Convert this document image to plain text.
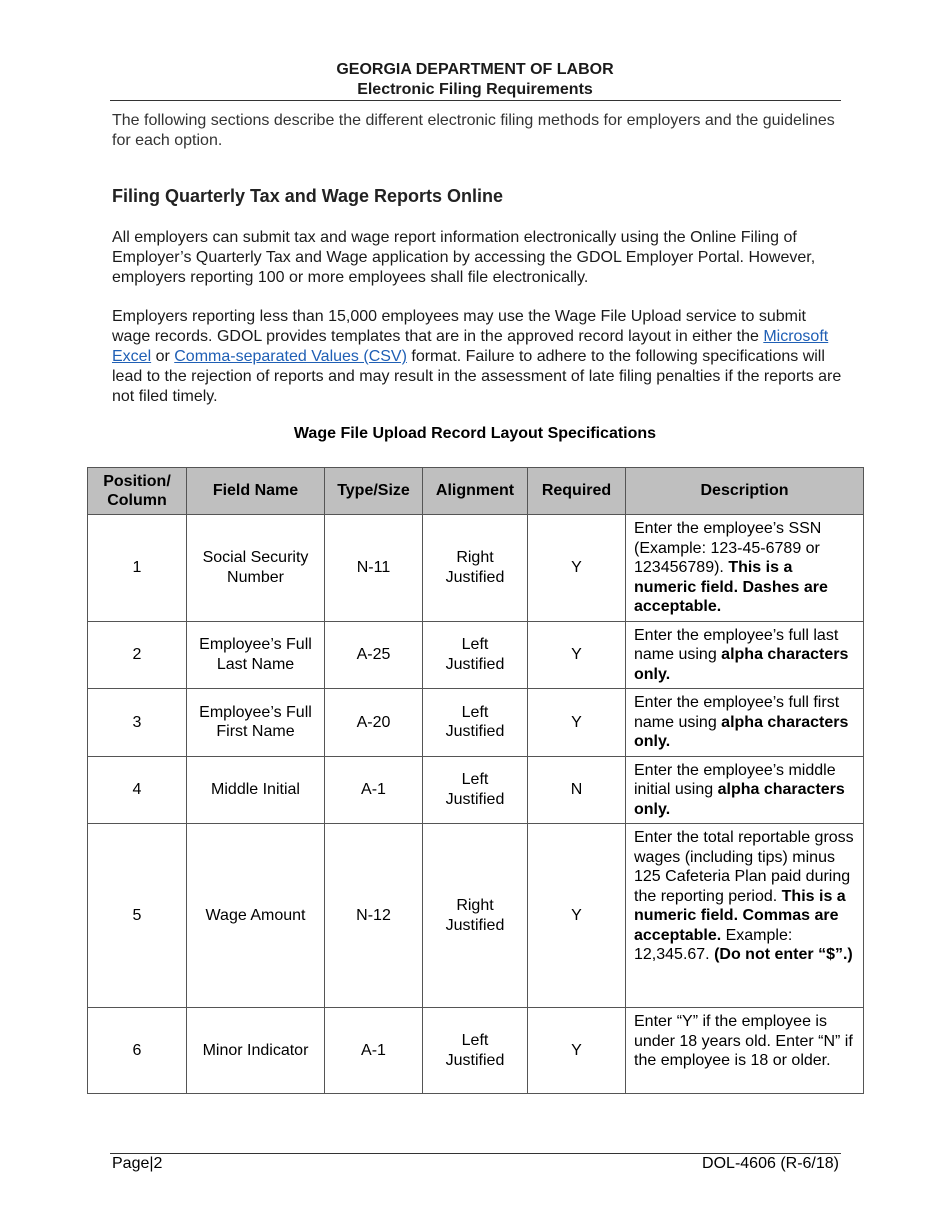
GEORGIA DEPARTMENT OF LABOR
Electronic Filing Requirements
The following sections describe the different electronic filing methods for employers and the guidelines for each option.
Filing Quarterly Tax and Wage Reports Online
All employers can submit tax and wage report information electronically using the Online Filing of Employer’s Quarterly Tax and Wage application by accessing the GDOL Employer Portal. However, employers reporting 100 or more employees shall file electronically.
Employers reporting less than 15,000 employees may use the Wage File Upload service to submit wage records. GDOL provides templates that are in the approved record layout in either the Microsoft Excel or Comma-separated Values (CSV) format. Failure to adhere to the following specifications will lead to the rejection of reports and may result in the assessment of late filing penalties if the reports are not filed timely.
Wage File Upload Record Layout Specifications
Position/ Column	Field Name	Type/Size	Alignment	Required	Description
1	Social Security Number	N-11	Right Justified	Y	Enter the employee’s SSN (Example: 123-45-6789 or 123456789). This is a numeric field. Dashes are acceptable.
2	Employee’s Full Last Name	A-25	Left Justified	Y	Enter the employee’s full last name using alpha characters only.
3	Employee’s Full First Name	A-20	Left Justified	Y	Enter the employee’s full first name using alpha characters only.
4	Middle Initial	A-1	Left Justified	N	Enter the employee’s middle initial using alpha characters only.
5	Wage Amount	N-12	Right Justified	Y	Enter the total reportable gross wages (including tips) minus 125 Cafeteria Plan paid during the reporting period. This is a numeric field. Commas are acceptable. Example: 12,345.67. (Do not enter “$”.)
6	Minor Indicator	A-1	Left Justified	Y	Enter “Y” if the employee is under 18 years old. Enter “N” if the employee is 18 or older.
Page|2	DOL-4606 (R-6/18)
